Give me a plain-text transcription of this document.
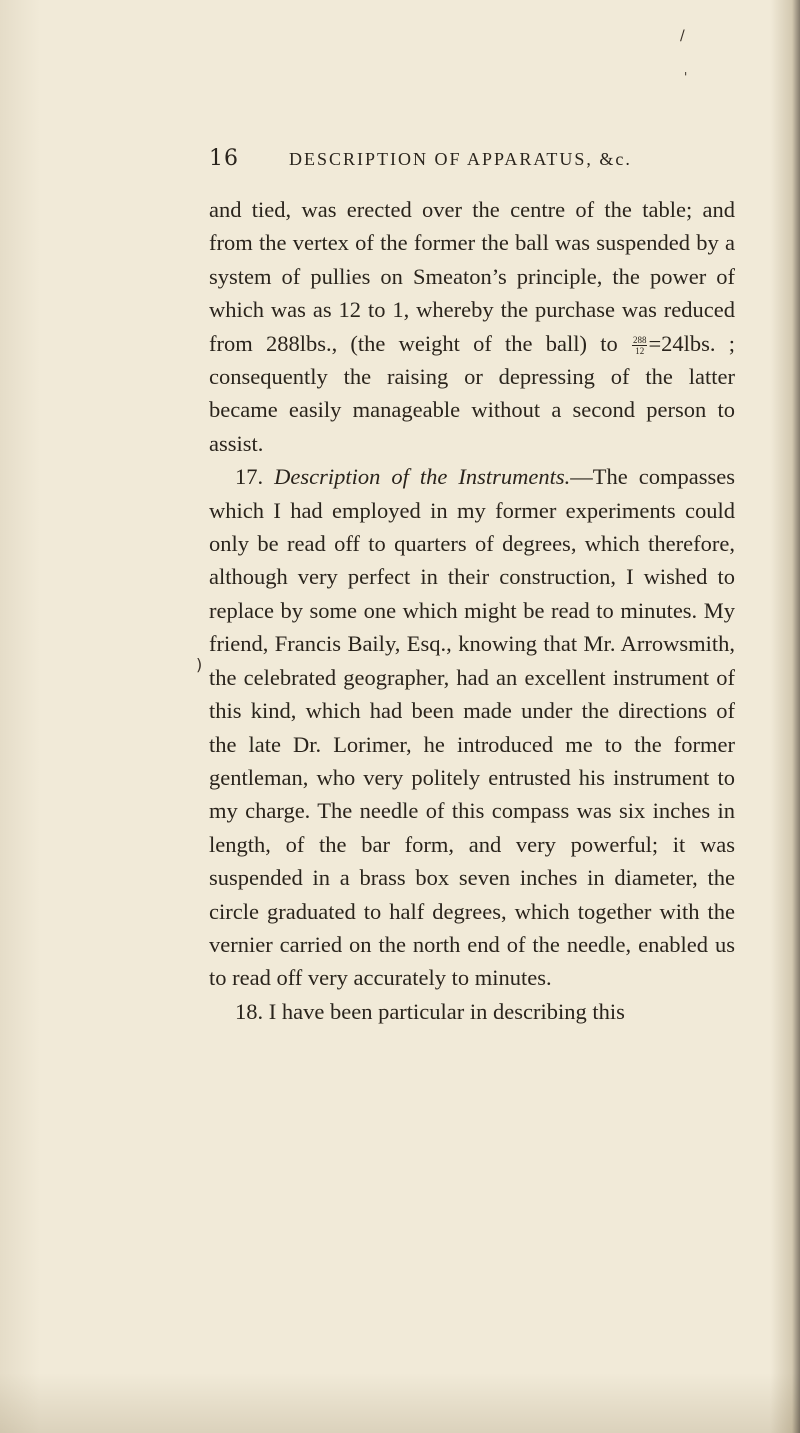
16	DESCRIPTION OF APPARATUS, &c.

and tied, was erected over the centre of the table; and from the vertex of the former the ball was suspended by a system of pullies on Smeaton’s principle, the power of which was as 12 to 1, whereby the purchase was reduced from 288lbs., (the weight of the ball) to $\frac{288}{12} =24lbs$. ; consequently the raising or depressing of the latter became easily manageable without a second person to assist.

17. Description of the Instruments.—The compasses which I had employed in my former experiments could only be read off to quarters of degrees, which therefore, although very perfect in their construction, I wished to replace by some one which might be read to minutes. My friend, Francis Baily, Esq., knowing that Mr. Arrowsmith, the celebrated geographer, had an excellent instrument of this kind, which had been made under the directions of the late Dr. Lorimer, he introduced me to the former gentleman, who very politely entrusted his instrument to my charge. The needle of this compass was six inches in length, of the bar form, and very powerful; it was suspended in a brass box seven inches in diameter, the circle graduated to half degrees, which together with the vernier carried on the north end of the needle, enabled us to read off very accurately to minutes.

18. I have been particular in describing this

/
'
)
